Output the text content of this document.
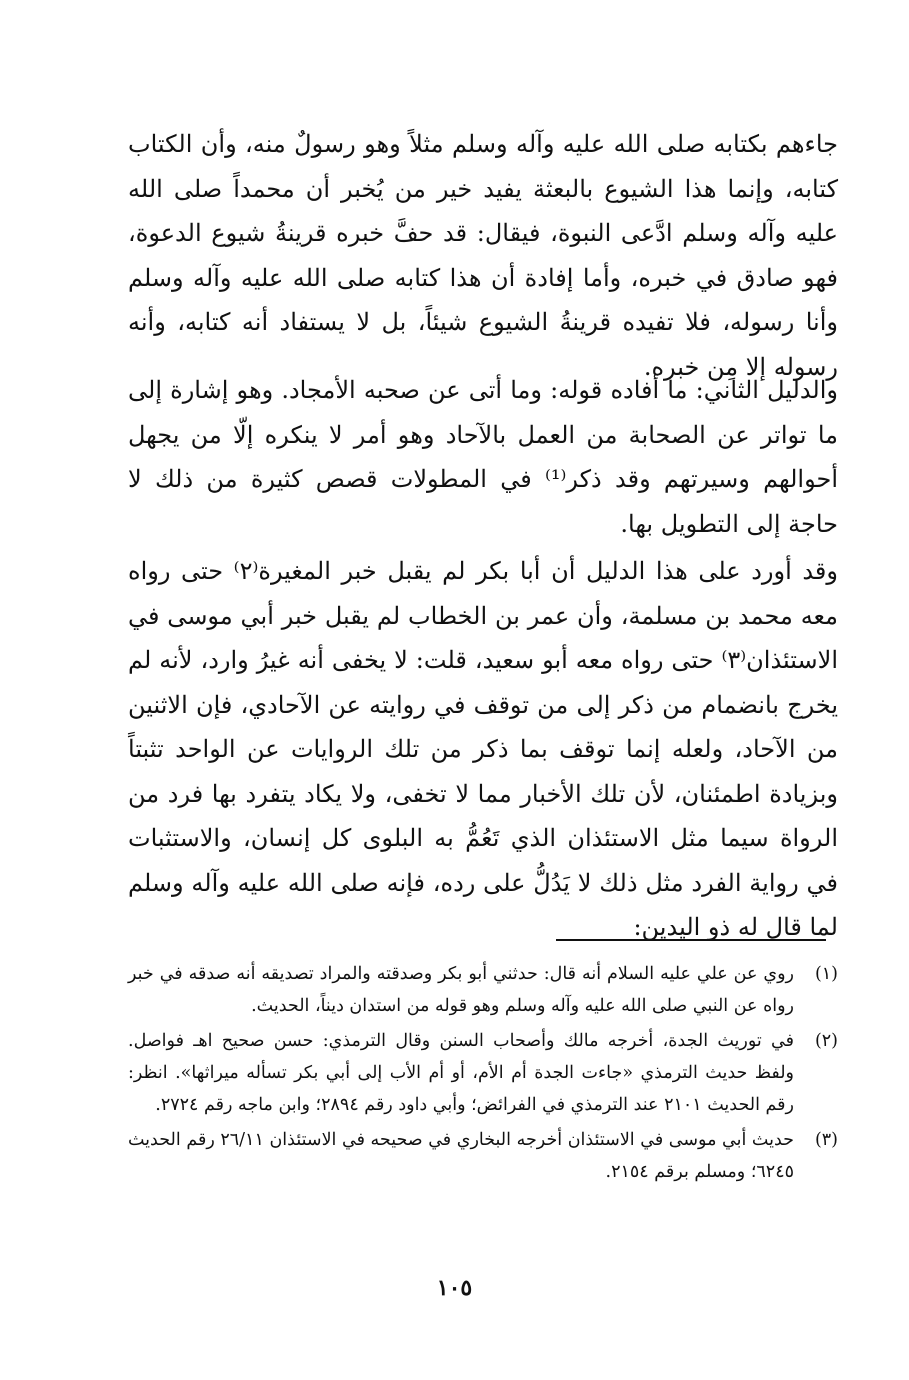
جاءهم بكتابه صلى الله عليه وآله وسلم مثلاً وهو رسولٌ منه، وأن الكتاب كتابه، وإنما هذا الشيوع بالبعثة يفيد خير من يُخبر أن محمداً صلى الله عليه وآله وسلم ادَّعى النبوة، فيقال: قد حفَّ خبره قرينةُ شيوع الدعوة، فهو صادق في خبره، وأما إفادة أن هذا كتابه صلى الله عليه وآله وسلم وأنا رسوله، فلا تفيده قرينةُ الشيوع شيئاً، بل لا يستفاد أنه كتابه، وأنه رسوله إلا مِن خبره.

والدليل الثاني: ما أفاده قوله: وما أتى عن صحبه الأمجاد. وهو إشارة إلى ما تواتر عن الصحابة من العمل بالآحاد وهو أمر لا ينكره إلّا من يجهل أحوالهم وسيرتهم وقد ذكر⁽¹⁾ في المطولات قصص كثيرة من ذلك لا حاجة إلى التطويل بها.

وقد أورد على هذا الدليل أن أبا بكر لم يقبل خبر المغيرة⁽٢⁾ حتى رواه معه محمد بن مسلمة، وأن عمر بن الخطاب لم يقبل خبر أبي موسى في الاستئذان⁽٣⁾ حتى رواه معه أبو سعيد، قلت: لا يخفى أنه غيرُ وارد، لأنه لم يخرج بانضمام من ذكر إلى من توقف في روايته عن الآحادي، فإن الاثنين من الآحاد، ولعله إنما توقف بما ذكر من تلك الروايات عن الواحد تثبتاً وبزيادة اطمئنان، لأن تلك الأخبار مما لا تخفى، ولا يكاد يتفرد بها فرد من الرواة سيما مثل الاستئذان الذي تَعُمُّ به البلوى كل إنسان، والاستثبات في رواية الفرد مثل ذلك لا يَدُلُّ على رده، فإنه صلى الله عليه وآله وسلم لما قال له ذو اليدين:

(١)
روي عن علي عليه السلام أنه قال: حدثني أبو بكر وصدقته والمراد تصديقه أنه صدقه في خبر رواه عن النبي صلى الله عليه وآله وسلم وهو قوله من استدان ديناً، الحديث.
(٢)
في توريث الجدة، أخرجه مالك وأصحاب السنن وقال الترمذي: حسن صحيح اهـ فواصل. ولفظ حديث الترمذي «جاءت الجدة أم الأم، أو أم الأب إلى أبي بكر تسأله ميراثها». انظر: رقم الحديث ٢١٠١ عند الترمذي في الفرائض؛ وأبي داود رقم ٢٨٩٤؛ وابن ماجه رقم ٢٧٢٤.
(٣)
حديث أبي موسى في الاستئذان أخرجه البخاري في صحيحه في الاستئذان ٢٦/١١ رقم الحديث ٦٢٤٥؛ ومسلم برقم ٢١٥٤.
١٠٥
